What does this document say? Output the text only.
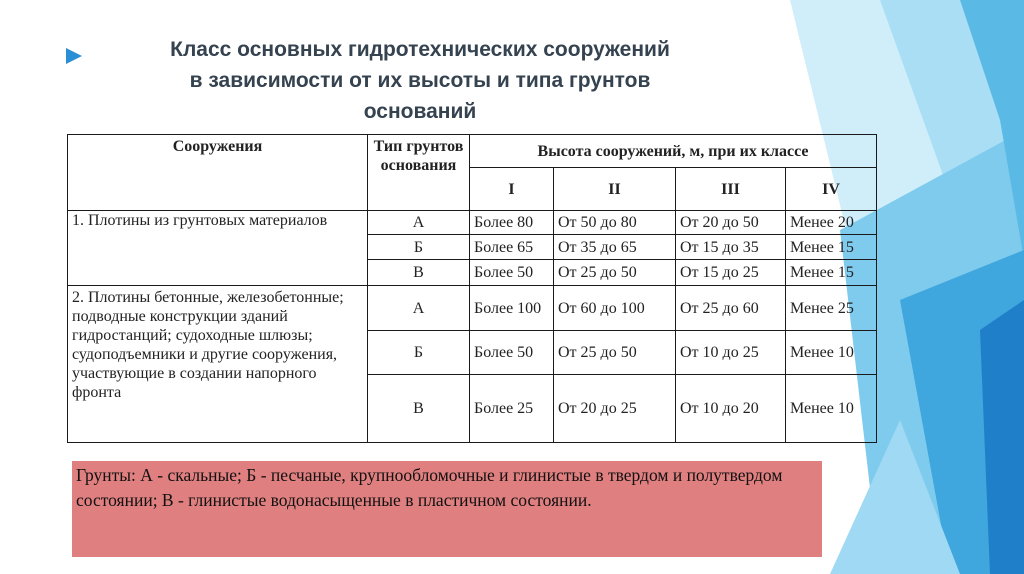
Класс основных гидротехнических сооружений
в зависимости от их высоты и типа грунтов
оснований
Сооружения	Тип грунтов основания	Высота сооружений, м, при их классе			
		I	II	III	IV
1. Плотины из грунтовых материалов	А	Более 80	От 50 до 80	От 20 до 50	Менее 20
	Б	Более 65	От 35 до 65	От 15 до 35	Менее 15
	В	Более 50	От 25 до 50	От 15 до 25	Менее 15
2. Плотины бетонные, железобетонные; подводные конструкции зданий гидростанций; судоходные шлюзы; судоподъемники и другие сооружения, участвующие в создании напорного фронта	А	Более 100	От 60 до 100	От 25 до 60	Менее 25
	Б	Более 50	От 25 до 50	От 10 до 25	Менее 10
	В	Более 25	От 20 до 25	От 10 до 20	Менее 10
Грунты: А - скальные; Б - песчаные, крупнообломочные и глинистые в твердом и полутвердом состоянии; В - глинистые водонасыщенные в пластичном состоянии.
